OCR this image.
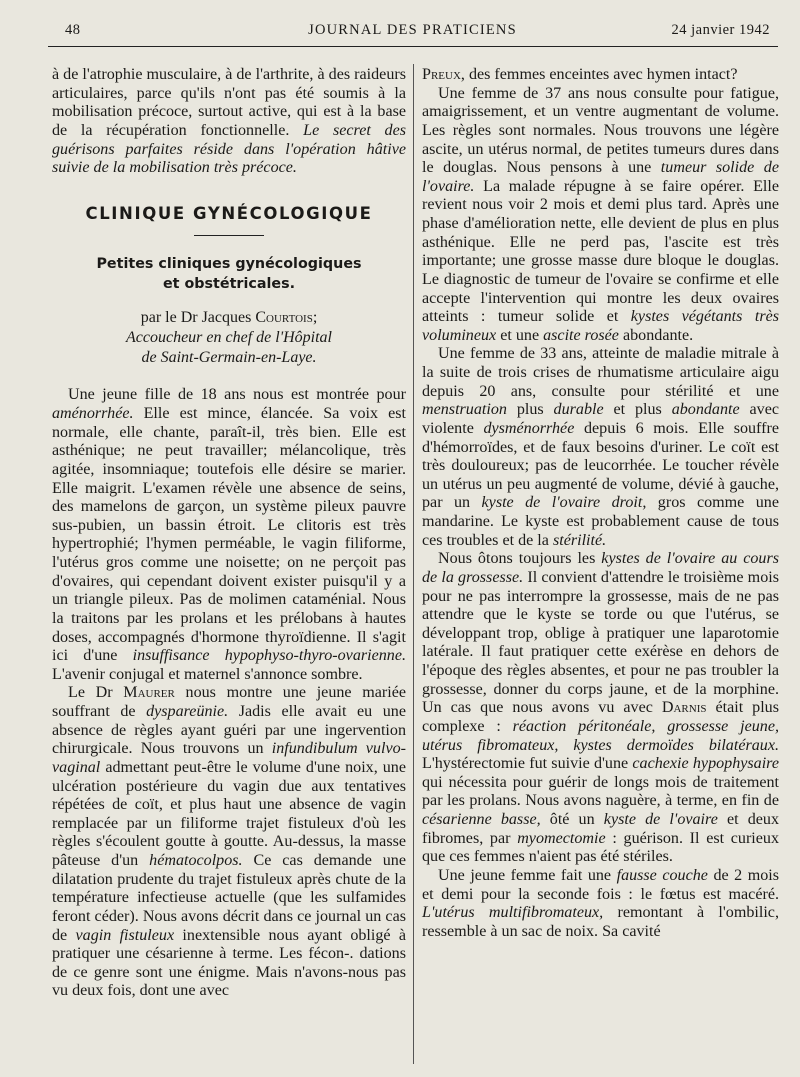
48	JOURNAL DES PRATICIENS	24 janvier 1942

à de l'atrophie musculaire, à de l'arthrite, à des raideurs articulaires, parce qu'ils n'ont pas été soumis à la mobilisation précoce, surtout active, qui est à la base de la récupération fonctionnelle. Le secret des guérisons parfaites réside dans l'opération hâtive suivie de la mobilisation très précoce.

CLINIQUE GYNÉCOLOGIQUE
Petites cliniques gynécologiques
et obstétricales.
par le Dr Jacques Courtois;
Accoucheur en chef de l'Hôpital
de Saint-Germain-en-Laye.

Une jeune fille de 18 ans nous est montrée pour aménorrhée. Elle est mince, élancée. Sa voix est normale, elle chante, paraît-il, très bien. Elle est asthénique; ne peut travailler; mélancolique, très agitée, insomniaque; toutefois elle désire se marier. Elle maigrit. L'examen révèle une absence de seins, des mamelons de garçon, un système pileux pauvre sus-pubien, un bassin étroit. Le clitoris est très hypertrophié; l'hymen perméable, le vagin filiforme, l'utérus gros comme une noisette; on ne perçoit pas d'ovaires, qui cependant doivent exister puisqu'il y a un triangle pileux. Pas de molimen cataménial. Nous la traitons par les prolans et les prélobans à hautes doses, accompagnés d'hormone thyroïdienne. Il s'agit ici d'une insuffisance hypophyso-thyro-ovarienne. L'avenir conjugal et maternel s'annonce sombre.

Le Dr Maurer nous montre une jeune mariée souffrant de dyspareünie. Jadis elle avait eu une absence de règles ayant guéri par une ingervention chirurgicale. Nous trouvons un infundibulum vulvo-vaginal admettant peut-être le volume d'une noix, une ulcération postérieure du vagin due aux tentatives répétées de coït, et plus haut une absence de vagin remplacée par un filiforme trajet fistuleux d'où les règles s'écoulent goutte à goutte. Au-dessus, la masse pâteuse d'un hématocolpos. Ce cas demande une dilatation prudente du trajet fistuleux après chute de la température infectieuse actuelle (que les sulfamides feront céder). Nous avons décrit dans ce journal un cas de vagin fistuleux inextensible nous ayant obligé à pratiquer une césarienne à terme. Les fécon-. dations de ce genre sont une énigme. Mais n'avons-nous pas vu deux fois, dont une avec

Preux, des femmes enceintes avec hymen intact?

Une femme de 37 ans nous consulte pour fatigue, amaigrissement, et un ventre augmentant de volume. Les règles sont normales. Nous trouvons une légère ascite, un utérus normal, de petites tumeurs dures dans le douglas. Nous pensons à une tumeur solide de l'ovaire. La malade répugne à se faire opérer. Elle revient nous voir 2 mois et demi plus tard. Après une phase d'amélioration nette, elle devient de plus en plus asthénique. Elle ne perd pas, l'ascite est très importante; une grosse masse dure bloque le douglas. Le diagnostic de tumeur de l'ovaire se confirme et elle accepte l'intervention qui montre les deux ovaires atteints : tumeur solide et kystes végétants très volumineux et une ascite rosée abondante.

Une femme de 33 ans, atteinte de maladie mitrale à la suite de trois crises de rhumatisme articulaire aigu depuis 20 ans, consulte pour stérilité et une menstruation plus durable et plus abondante avec violente dysménorrhée depuis 6 mois. Elle souffre d'hémorroïdes, et de faux besoins d'uriner. Le coït est très douloureux; pas de leucorrhée. Le toucher révèle un utérus un peu augmenté de volume, dévié à gauche, par un kyste de l'ovaire droit, gros comme une mandarine. Le kyste est probablement cause de tous ces troubles et de la stérilité.

Nous ôtons toujours les kystes de l'ovaire au cours de la grossesse. Il convient d'attendre le troisième mois pour ne pas interrompre la grossesse, mais de ne pas attendre que le kyste se torde ou que l'utérus, se développant trop, oblige à pratiquer une laparotomie latérale. Il faut pratiquer cette exérèse en dehors de l'époque des règles absentes, et pour ne pas troubler la grossesse, donner du corps jaune, et de la morphine. Un cas que nous avons vu avec Darnis était plus complexe : réaction péritonéale, grossesse jeune, utérus fibromateux, kystes dermoïdes bilatéraux. L'hystérectomie fut suivie d'une cachexie hypophysaire qui nécessita pour guérir de longs mois de traitement par les prolans. Nous avons naguère, à terme, en fin de césarienne basse, ôté un kyste de l'ovaire et deux fibromes, par myomectomie : guérison. Il est curieux que ces femmes n'aient pas été stériles.

Une jeune femme fait une fausse couche de 2 mois et demi pour la seconde fois : le fœtus est macéré. L'utérus multifibromateux, remontant à l'ombilic, ressemble à un sac de noix. Sa cavité
